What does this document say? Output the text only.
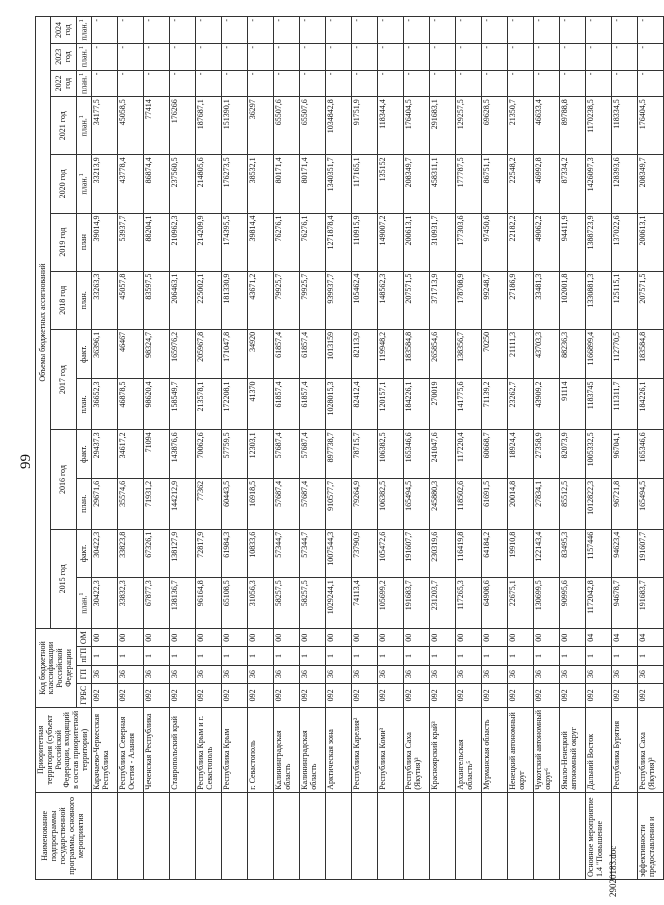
99
Наименование подпрограммы государственной программы, основного мероприятия	Приоритетная территория (субъект Российской Федерации, входящий в состав приоритетной территории)	Код бюджетной классификации Российской Федерации				Объемы бюджетных ассигнований												
						2015 год		2016 год		2017 год		2018 год	2019 год	2020 год	2021 год	2022 год	2023 год	2024 год
		ГРБС	ГП	пГП	ОМ	план.$^1$	факт.	план.	факт.	план.	факт.	план.	план	план.$^1$	план.$^1$	план.$^1$	план.$^1$	план.$^1$
	Карачаево-Черкесская Республика	092	36	1	00	30422,3	30422,3	29671,6	29437,3	36652,3	36396,1	33263,3	39014,9	33213,9	34177,5	-	-	-
	Республика Северная Осетия - Алания	092	36	1	00	33832,3	33823,8	35574,6	34617,2	46878,5	46467	45057,8	53937,7	43778,4	45058,5	-	-	-
	Чеченская Республика	092	36	1	00	67877,3	67326,1	71931,2	71094	98620,4	98324,7	83597,5	88204,1	86874,4	77414	-	-	-
	Ставропольский край	092	36	1	00	138136,7	138127,9	144212,9	143876,6	158549,7	165976,2	206463,1	210962,3	237560,5	176266	-	-	-
	Республика Крым и г. Севастополь	092	36	1	00	96164,8	72817,9	77362	70062,6	213578,1	205967,8	225002,1	214209,9	214805,6	187687,1	-	-	-
	Республика Крым	092	36	1	00	65108,5	61984,3	60443,5	57759,5	172208,1	171047,8	181330,9	174395,5	176273,5	151390,1	-	-	-
	г. Севастополь	092	36	1	00	31056,3	10833,6	16918,5	12303,1	41370	34920	43671,2	39814,4	38532,1	36297	-	-	-
	Калининградская область	092	36	1	00	58257,5	57344,7	57687,4	57687,4	61857,4	61857,4	79925,7	76276,1	80171,4	65507,6	-	-	-
	Калининградская область	092	36	1	00	58257,5	57344,7	57687,4	57687,4	61857,4	61857,4	79925,7	76276,1	80171,4	65507,6	-	-	-
	Арктическая зона	092	36	1	00	1029244,1	1007544,3	910577,7	897738,7	1028015,3	1013159	939937,7	1271878,4	1340351,7	1034842,8	-	-	-
	Республика Карелия²	092	36	1	00	74113,4	73790,9	79264,9	78715,7	82412,4	82113,9	105462,4	110915,9	117165,1	91751,9	-	-	-
	Республика Коми³	092	36	1	00	105699,2	105472,6	106382,5	106382,5	120157,1	119948,2	148562,3	149007,2	135152	118344,4	-	-	-
	Республика Саха (Якутия)³	092	36	1	00	191683,7	191607,7	165494,5	165346,6	184226,1	183584,8	207571,5	200613,1	208349,7	176404,5	-	-	-
	Красноярский край³	092	36	1	00	231203,7	230319,6	245880,3	241047,6	270019	265854,6	371713,9	310931,7	458311,1	291683,1	-	-	-
	Архангельская область⁵	092	36	1	00	117265,3	116419,8	118502,6	117220,4	141775,6	138356,7	178708,9	177303,6	177787,5	129257,5	-	-	-
	Мурманская область	092	36	1	00	64908,6	64184,2	61691,5	60668,7	71139,2	70250	99248,7	97450,6	86751,1	69628,5	-	-	-
	Ненецкий автономный округ	092	36	1	00	22675,1	19910,8	20014,8	18924,4	23262,7	21111,3	27186,9	22182,2	22548,2	21350,7	-	-	-
	Чукотский автономный округ⁶	092	36	1	00	130699,5	122143,4	27834,1	27358,9	43909,2	43703,3	33481,3	49062,2	46992,8	46633,4	-	-	-
	Ямало-Ненецкий автономный округ	092	36	1	00	90995,6	83495,3	85512,5	82073,9	91114	88236,3	102001,8	94411,9	87334,2	89788,8	-	-	-
Основное мероприятие 1.4 "Повышение	Дальний Восток	092	36	1	04	1172042,8	1157446	1012822,3	1005332,5	1183745	1166899,4	1330881,3	1388723,9	1426097,3	1170238,5	-	-	-
	Республика Бурятия	092	36	1	04	94678,7	94623,4	96721,8	96704,1	111311,7	112770,5	125115,1	137022,6	128393,6	118334,5	-	-	-
эффективности предоставления и	Республика Саха (Якутия)³	092	36	1	04	191683,7	191607,7	165494,5	165346,6	184226,1	183584,8	207571,5	200613,1	208349,7	176404,5	-	-	-
29020183.doc
